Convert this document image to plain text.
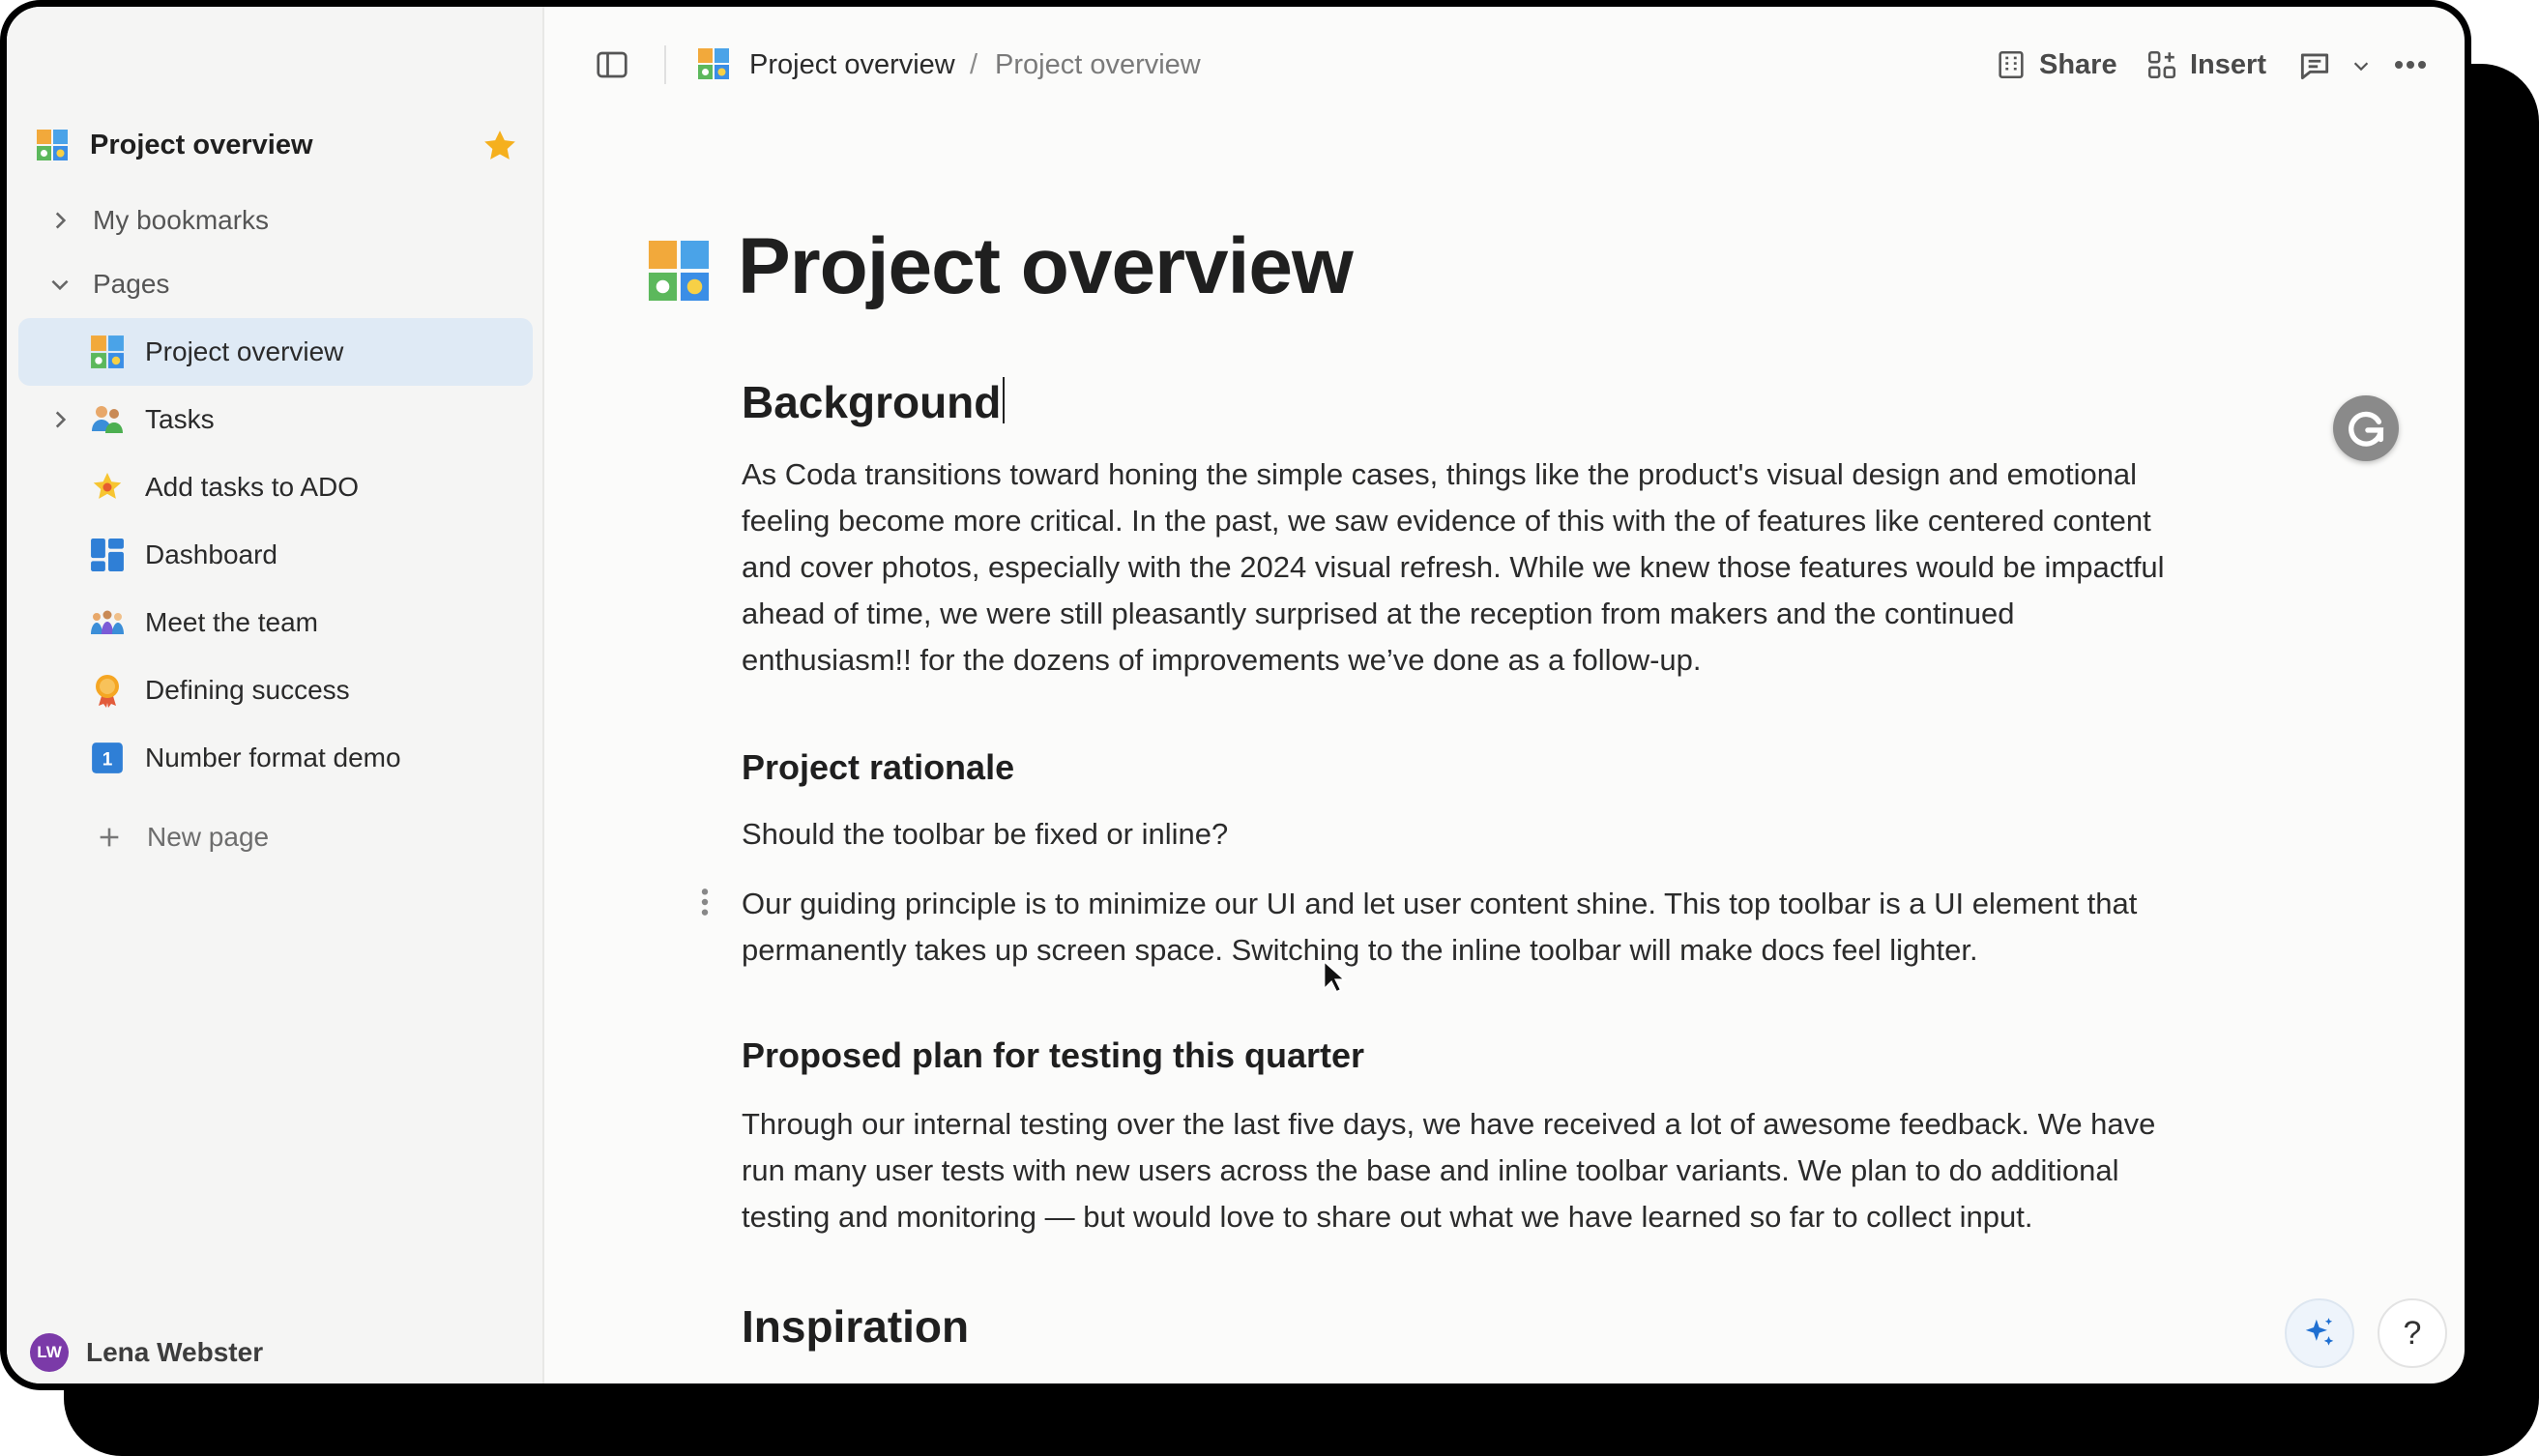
Project overview
My bookmarks
Pages
Project overview
Tasks
Add tasks to ADO
Dashboard
Meet the team
Defining success
1 Number format demo
New page
LW Lena Webster
Project overview / Project overview	Share	Insert
Project overview
Background
As Coda transitions toward honing the simple cases, things like the product's visual design and emotional
feeling become more critical. In the past, we saw evidence of this with the of features like centered content
and cover photos, especially with the 2024 visual refresh. While we knew those features would be impactful
ahead of time, we were still pleasantly surprised at the reception from makers and the continued
enthusiasm!! for the dozens of improvements we’ve done as a follow-up.
Project rationale
Should the toolbar be fixed or inline?
Our guiding principle is to minimize our UI and let user content shine. This top toolbar is a UI element that
permanently takes up screen space. Switching to the inline toolbar will make docs feel lighter.
Proposed plan for testing this quarter
Through our internal testing over the last five days, we have received a lot of awesome feedback. We have
run many user tests with new users across the base and inline toolbar variants. We plan to do additional
testing and monitoring — but would love to share out what we have learned so far to collect input.
Inspiration	?
